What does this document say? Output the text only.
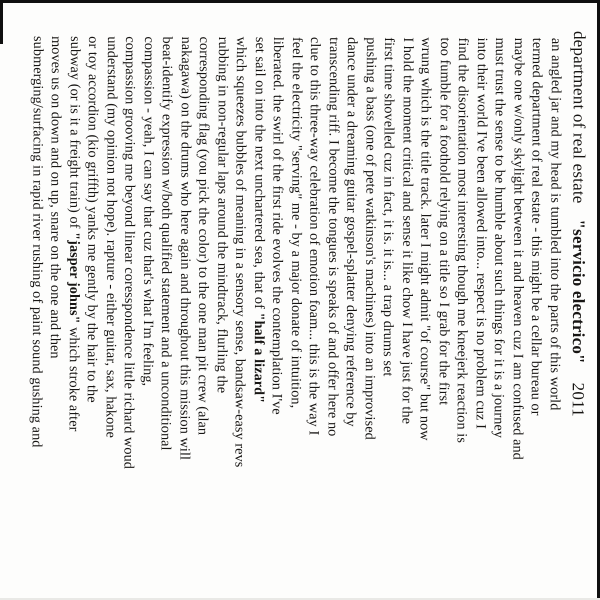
department of real estate"servicio electrico"2011
an angled jar and my head is tumbled into the parts of this world
termed department of real estate - this might be a cellar bureau or
maybe one w/only skylight between it and heaven cuz I am confused and
must trust the sense to be humble about such things for it is a journey
into their world I've been allowed into... respect is no problem cuz I
find the disorientation most interesting though me kneejerk reaction is
too fumble for a foothold relying on a title so I grab for the first
wrung which is the title track. later I might admit "of course" but now
I hold the moment critical and sense it like chow I have just for the
first time shovelled cuz in fact, it is. it is... a trap drums set
pushing a bass (one of pete watkinson's machines) into an improvised
dance under a dreaming guitar gospel-splatter denying reference by
transcending riff. I become the tongues is speaks of and offer here no
clue to this three-way celebration of emotion foam... this is the way I
feel the electricity "serving" me - by a major donate of intuition,
liberated. the swirl of the first ride evolves the contemplation I've
set sail on into the next unchartered sea, that of "half a lizard"
which squeezes bubbles of meaning in a sensory sense, bandsaw-easy revs
rubbing in non-regular laps around the mindtrack, flurling the
corresponding flag (you pick the color) to the one man pit crew (alan
nakagawa) on the drums who here again and throughout this mission will
beat-identify expression w/both qualified statement and a unconditional
compassion - yeah, I can say that cuz that's what I'm feeling,
compassion grooving me beyond linear coresspondence little richard woud
understand (my opinion not hope). rapture - either guitar, sax, hakone
or toy accordion (kio griffth) yanks me gently by the hair to the
subway (or is it a freight train) of "jasper johns" which stroke after
moves us on down and on up, snare on the one and then
submerging/surfacing in rapid river rushing of paint sound gushing and
